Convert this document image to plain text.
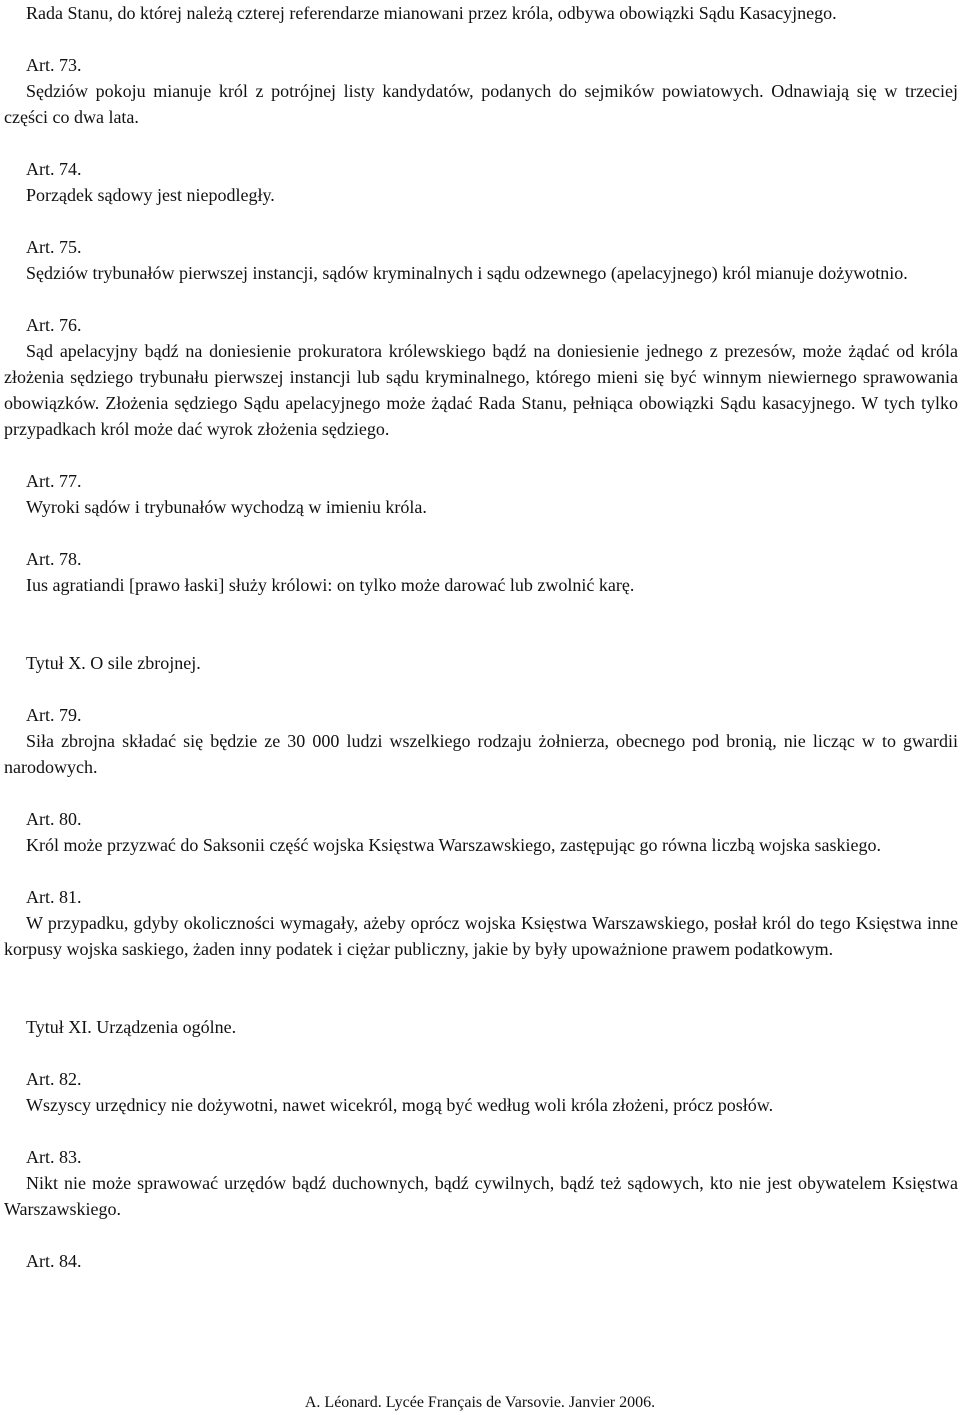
Rada Stanu, do której należą czterej referendarze mianowani przez króla, odbywa obowiązki Sądu Kasacyjnego.

Art. 73.

Sędziów pokoju mianuje król z potrójnej listy kandydatów, podanych do sejmików powiatowych. Odnawiają się w trzeciej części co dwa lata.

Art. 74.

Porządek sądowy jest niepodległy.

Art. 75.

Sędziów trybunałów pierwszej instancji, sądów kryminalnych i sądu odzewnego (apelacyjnego) król mianuje dożywotnio.

Art. 76.

Sąd apelacyjny bądź na doniesienie prokuratora królewskiego bądź na doniesienie jednego z prezesów, może żądać od króla złożenia sędziego trybunału pierwszej instancji lub sądu kryminalnego, którego mieni się być winnym niewiernego sprawowania obowiązków. Złożenia sędziego Sądu apelacyjnego może żądać Rada Stanu, pełniąca obowiązki Sądu kasacyjnego. W tych tylko przypadkach król może dać wyrok złożenia sędziego.

Art. 77.

Wyroki sądów i trybunałów wychodzą w imieniu króla.

Art. 78.

Ius agratiandi [prawo łaski] służy królowi: on tylko może darować lub zwolnić karę.

Tytuł X. O sile zbrojnej.

Art. 79.

Siła zbrojna składać się będzie ze 30 000 ludzi wszelkiego rodzaju żołnierza, obecnego pod bronią, nie licząc w to gwardii narodowych.

Art. 80.

Król może przyzwać do Saksonii część wojska Księstwa Warszawskiego, zastępując go równa liczbą wojska saskiego.

Art. 81.

W przypadku, gdyby okoliczności wymagały, ażeby oprócz wojska Księstwa Warszawskiego, posłał król do tego Księstwa inne korpusy wojska saskiego, żaden inny podatek i ciężar publiczny, jakie by były upoważnione prawem podatkowym.

Tytuł XI. Urządzenia ogólne.

Art. 82.

Wszyscy urzędnicy nie dożywotni, nawet wicekról, mogą być według woli króla złożeni, prócz posłów.

Art. 83.

Nikt nie może sprawować urzędów bądź duchownych, bądź cywilnych, bądź też sądowych, kto nie jest obywatelem Księstwa Warszawskiego.

Art. 84.

A. Léonard. Lycée Français de Varsovie. Janvier 2006.
